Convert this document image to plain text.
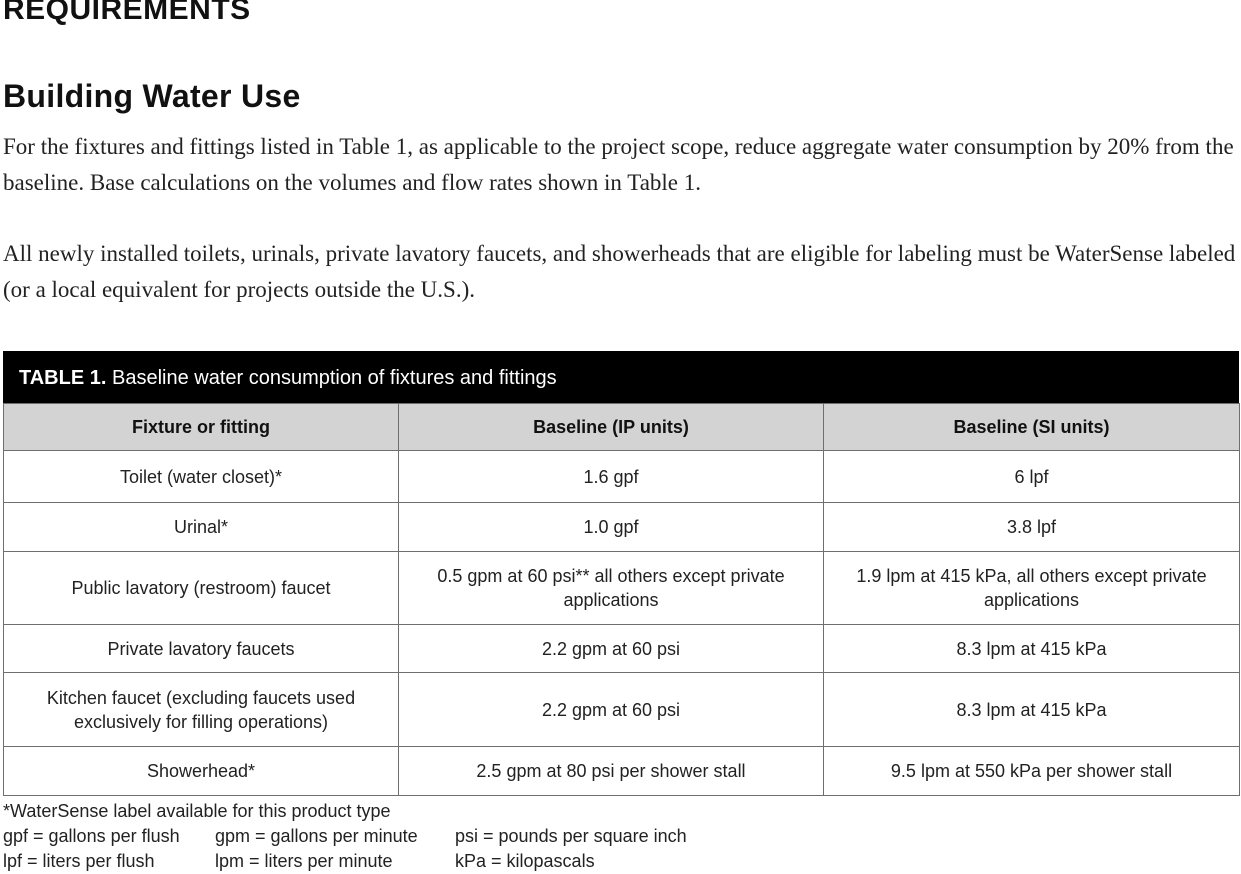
REQUIREMENTS
Building Water Use

For the fixtures and fittings listed in Table 1, as applicable to the project scope, reduce aggregate water consumption by 20% from the baseline. Base calculations on the volumes and flow rates shown in Table 1.

All newly installed toilets, urinals, private lavatory faucets, and showerheads that are eligible for labeling must be WaterSense labeled (or a local equivalent for projects outside the U.S.).

TABLE 1. Baseline water consumption of fixtures and fittings
Fixture or fitting	Baseline (IP units)	Baseline (SI units)
Toilet (water closet)*	1.6 gpf	6 lpf
Urinal*	1.0 gpf	3.8 lpf
Public lavatory (restroom) faucet	0.5 gpm at 60 psi** all others except private applications	1.9 lpm at 415 kPa, all others except private applications
Private lavatory faucets	2.2 gpm at 60 psi	8.3 lpm at 415 kPa
Kitchen faucet (excluding faucets used exclusively for filling operations)	2.2 gpm at 60 psi	8.3 lpm at 415 kPa
Showerhead*	2.5 gpm at 80 psi per shower stall	9.5 lpm at 550 kPa per shower stall
*WaterSense label available for this product type
gpf = gallons per flush gpm = gallons per minute psi = pounds per square inch
lpf = liters per flush	lpm = liters per minute	kPa = kilopascals
